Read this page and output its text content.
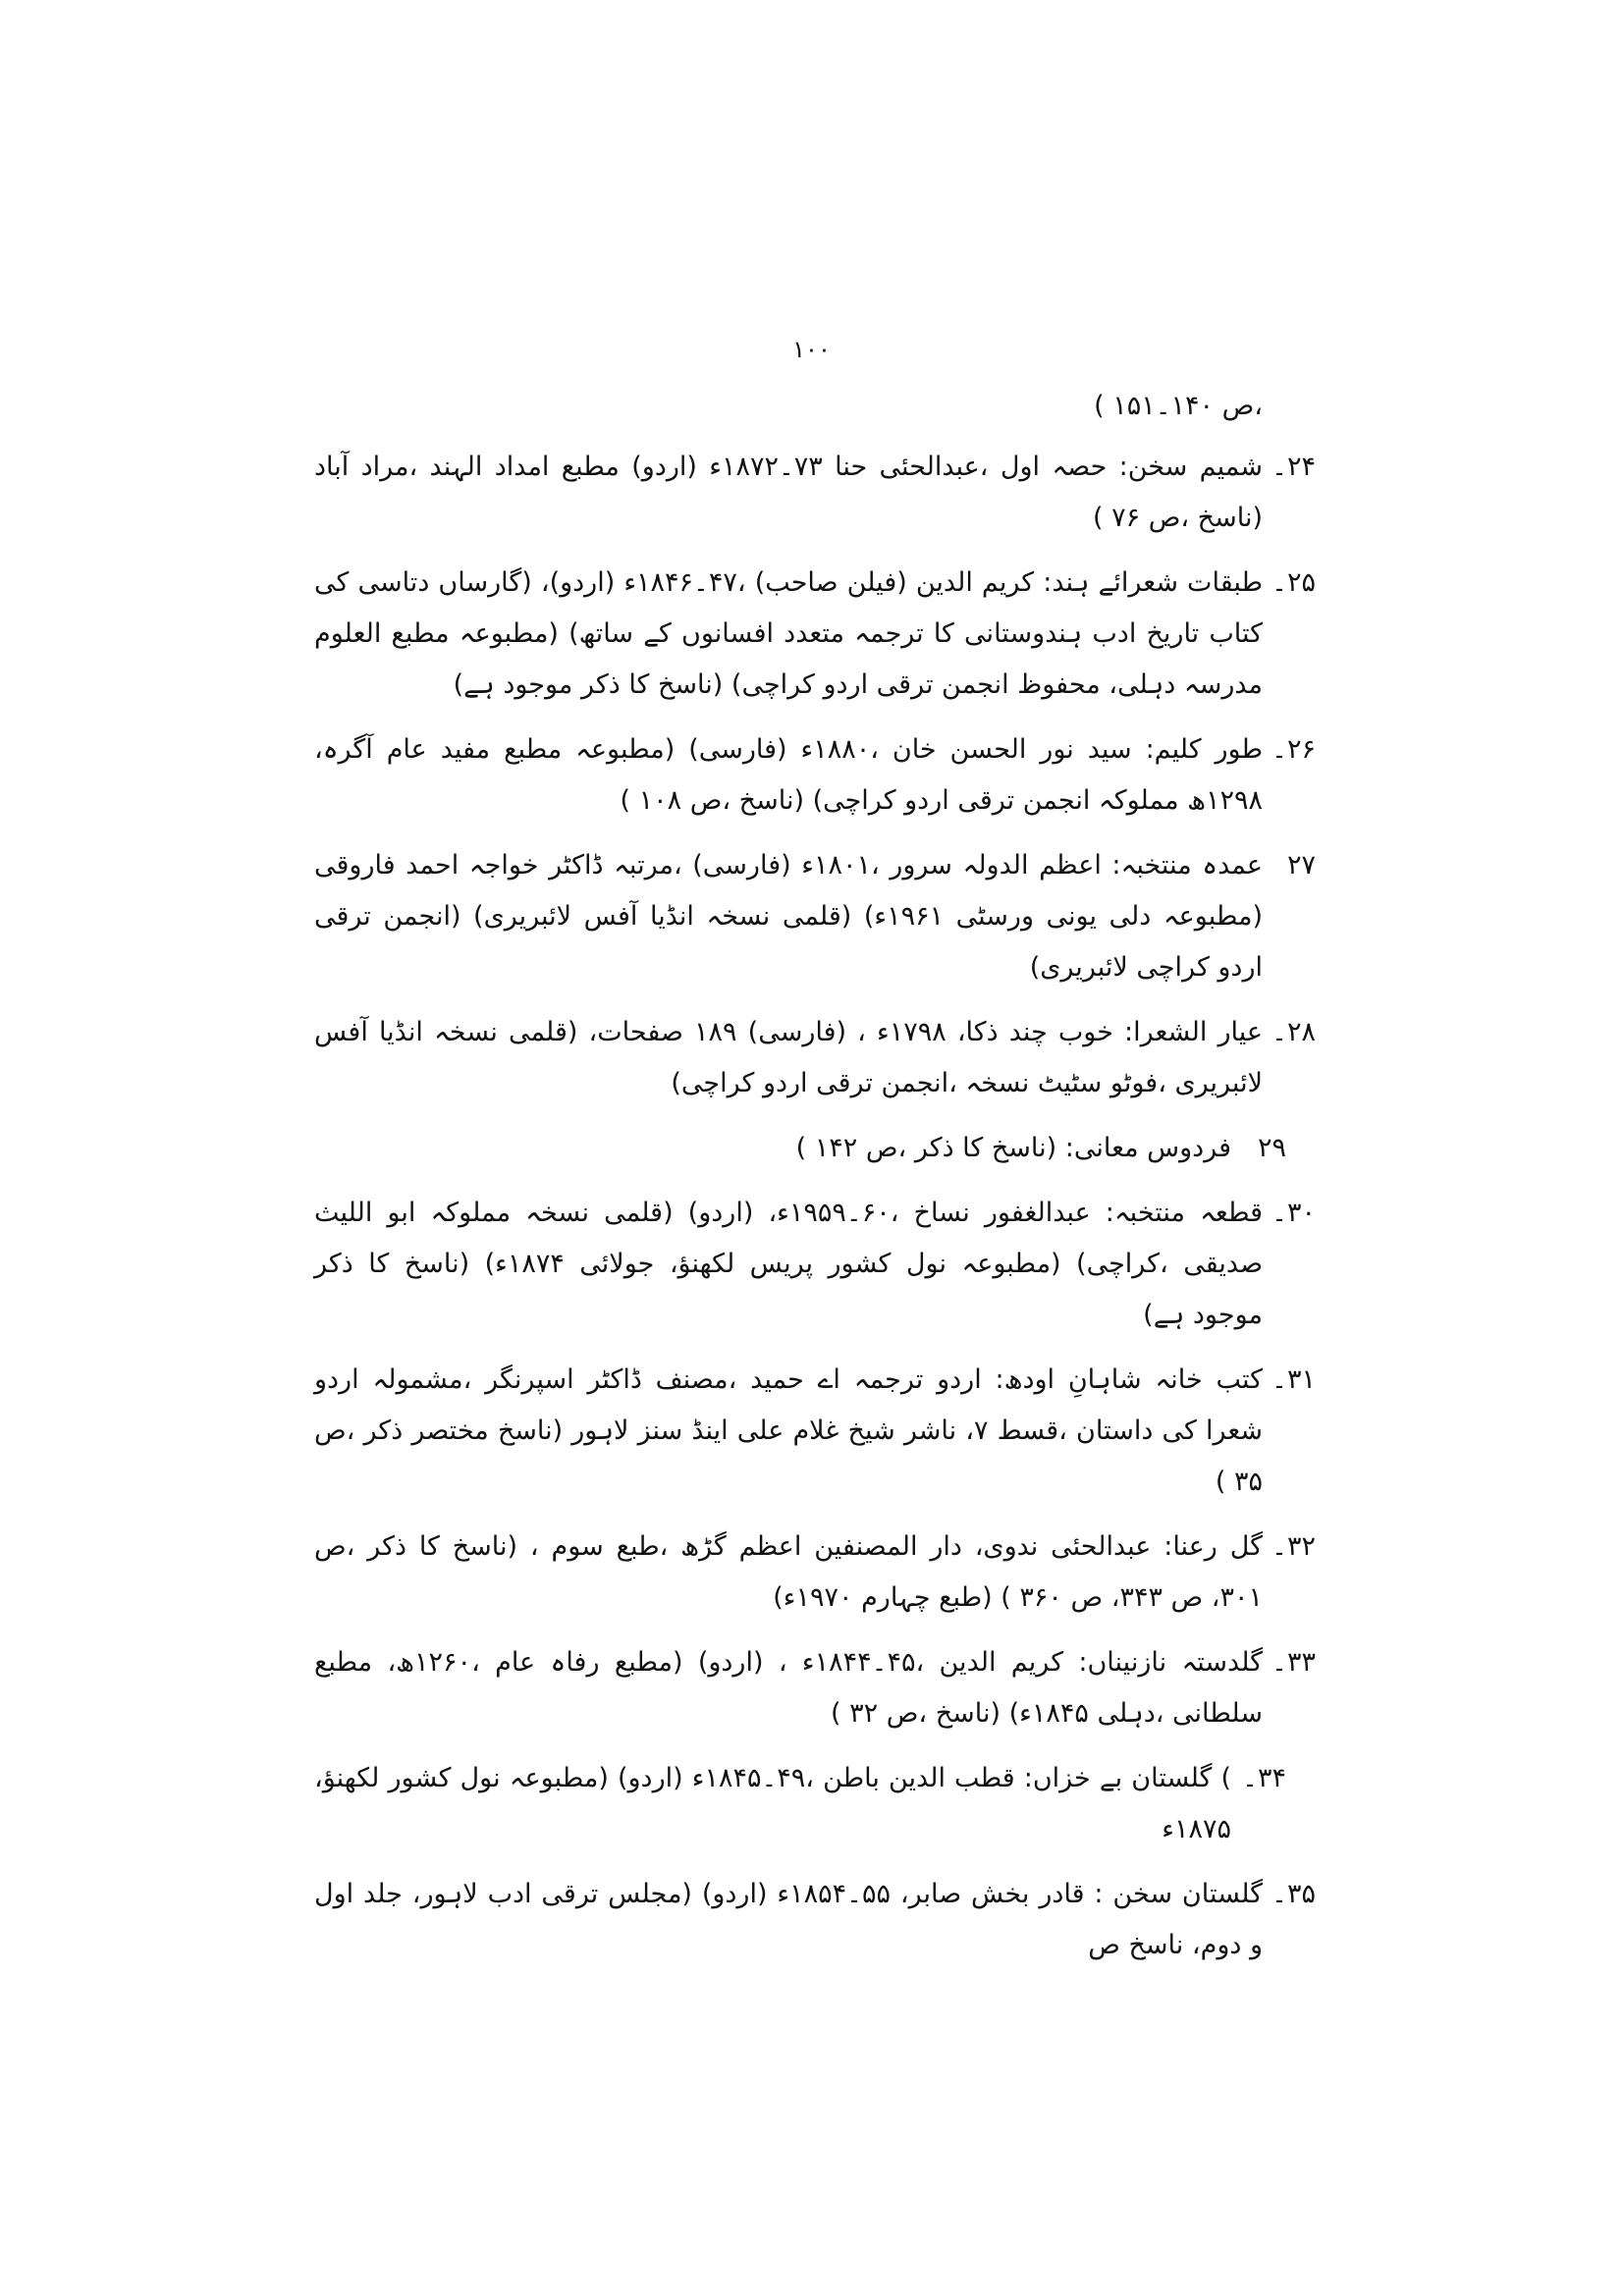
۱۰۰
،ص ۱۴۰۔۱۵۱ )
۲۴۔
شمیم سخن: حصہ اول ،عبدالحئی حنا ۷۳۔۱۸۷۲ء (اردو) مطبع امداد الہند ،مراد آباد (ناسخ ،ص ۷۶ )
۲۵۔
طبقات شعرائے ہند: کریم الدین (فیلن صاحب) ،۴۷۔۱۸۴۶ء (اردو)، (گارساں دتاسی کی کتاب تاریخ ادب ہندوستانی کا ترجمہ متعدد افسانوں کے ساتھ) (مطبوعہ مطبع العلوم مدرسہ دہلی، محفوظ انجمن ترقی اردو کراچی) (ناسخ کا ذکر موجود ہے)
۲۶۔
طور کلیم: سید نور الحسن خان ،۱۸۸۰ء (فارسی) (مطبوعہ مطبع مفید عام آگرہ، ۱۲۹۸ھ مملوکہ انجمن ترقی اردو کراچی) (ناسخ ،ص ۱۰۸ )
۲۷
عمدہ منتخبہ: اعظم الدولہ سرور ،۱۸۰۱ء (فارسی) ،مرتبہ ڈاکٹر خواجہ احمد فاروقی (مطبوعہ دلی یونی ورسٹی ۱۹۶۱ء) (قلمی نسخہ انڈیا آفس لائبریری) (انجمن ترقی اردو کراچی لائبریری)
۲۸۔
عیار الشعرا: خوب چند ذکا، ۱۷۹۸ء ، (فارسی) ۱۸۹ صفحات، (قلمی نسخہ انڈیا آفس لائبریری ،فوٹو سٹیٹ نسخہ ،انجمن ترقی اردو کراچی)
۲۹
فردوس معانی: (ناسخ کا ذکر ،ص ۱۴۲ )
۳۰۔
قطعہ منتخبہ: عبدالغفور نساخ ،۶۰۔۱۹۵۹ء، (اردو) (قلمی نسخہ مملوکہ ابو اللیث صدیقی ،کراچی) (مطبوعہ نول کشور پریس لکھنؤ، جولائی ۱۸۷۴ء) (ناسخ کا ذکر موجود ہے)
۳۱۔
کتب خانہ شاہانِ اودھ: اردو ترجمہ اے حمید ،مصنف ڈاکٹر اسپرنگر ،مشمولہ اردو شعرا کی داستان ،قسط ۷، ناشر شیخ غلام علی اینڈ سنز لاہور (ناسخ مختصر ذکر ،ص ۳۵ )
۳۲۔
گل رعنا: عبدالحئی ندوی، دار المصنفین اعظم گڑھ ،طبع سوم ، (ناسخ کا ذکر ،ص ۳۰۱، ص ۳۴۳، ص ۳۶۰ ) (طبع چہارم ۱۹۷۰ء)
۳۳۔
گلدستہ نازنیناں: کریم الدین ،۴۵۔۱۸۴۴ء ، (اردو) (مطبع رفاہ عام ،۱۲۶۰ھ، مطبع سلطانی ،دہلی ۱۸۴۵ء) (ناسخ ،ص ۳۲ )
۳۴۔
) گلستان بے خزاں: قطب الدین باطن ،۴۹۔۱۸۴۵ء (اردو) (مطبوعہ نول کشور لکھنؤ، ۱۸۷۵ء
۳۵۔
گلستان سخن : قادر بخش صابر، ۵۵۔۱۸۵۴ء (اردو) (مجلس ترقی ادب لاہور، جلد اول و دوم، ناسخ ص
